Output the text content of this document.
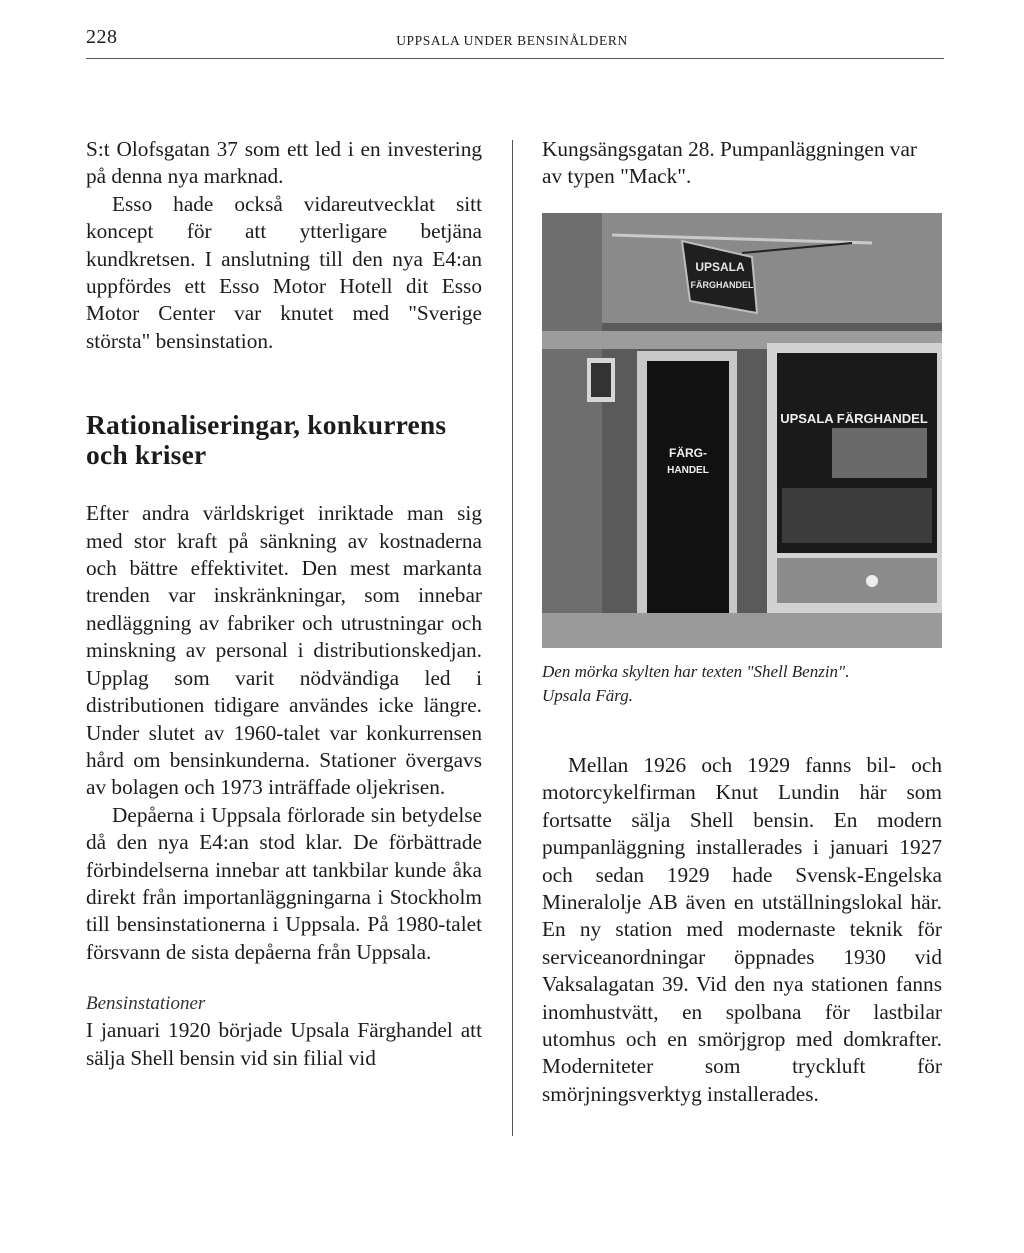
228	UPPSALA UNDER BENSINÅLDERN

S:t Olofsgatan 37 som ett led i en investering på denna nya marknad.

Esso hade också vidareutvecklat sitt koncept för att ytterligare betjäna kundkretsen. I anslutning till den nya E4:an uppfördes ett Esso Motor Hotell dit Esso Motor Center var knutet med "Sverige största" bensinstation.

Rationaliseringar, konkurrens
och kriser

Efter andra världskriget inriktade man sig med stor kraft på sänkning av kostnaderna och bättre effektivitet. Den mest markanta trenden var inskränkningar, som innebar nedläggning av fabriker och utrustningar och minskning av personal i distributionskedjan. Upplag som varit nödvändiga led i distributionen tidigare användes icke längre. Under slutet av 1960-talet var konkurrensen hård om bensinkunderna. Stationer övergavs av bolagen och 1973 inträffade oljekrisen.

Depåerna i Uppsala förlorade sin betydelse då den nya E4:an stod klar. De förbättrade förbindelserna innebar att tankbilar kunde åka direkt från importanläggningarna i Stockholm till bensinstationerna i Uppsala. På 1980-talet försvann de sista depåerna från Uppsala.

Bensinstationer

I januari 1920 började Upsala Färghandel att sälja Shell bensin vid sin filial vid

Kungsängsgatan 28. Pumpanläggningen var av typen "Mack".

UPSALA
FÄRGHANDEL
FÄRG-
HANDEL
UPSALA FÄRGHANDEL
Den mörka skylten har texten "Shell Benzin".
Upsala Färg.

Mellan 1926 och 1929 fanns bil- och motorcykelfirman Knut Lundin här som fortsatte sälja Shell bensin. En modern pumpanläggning installerades i januari 1927 och sedan 1929 hade Svensk-Engelska Mineralolje AB även en utställningslokal här. En ny station med modernaste teknik för serviceanordningar öppnades 1930 vid Vaksalagatan 39. Vid den nya stationen fanns inomhustvätt, en spolbana för lastbilar utomhus och en smörjgrop med domkrafter. Moderniteter som tryckluft för smörjningsverktyg installerades.
